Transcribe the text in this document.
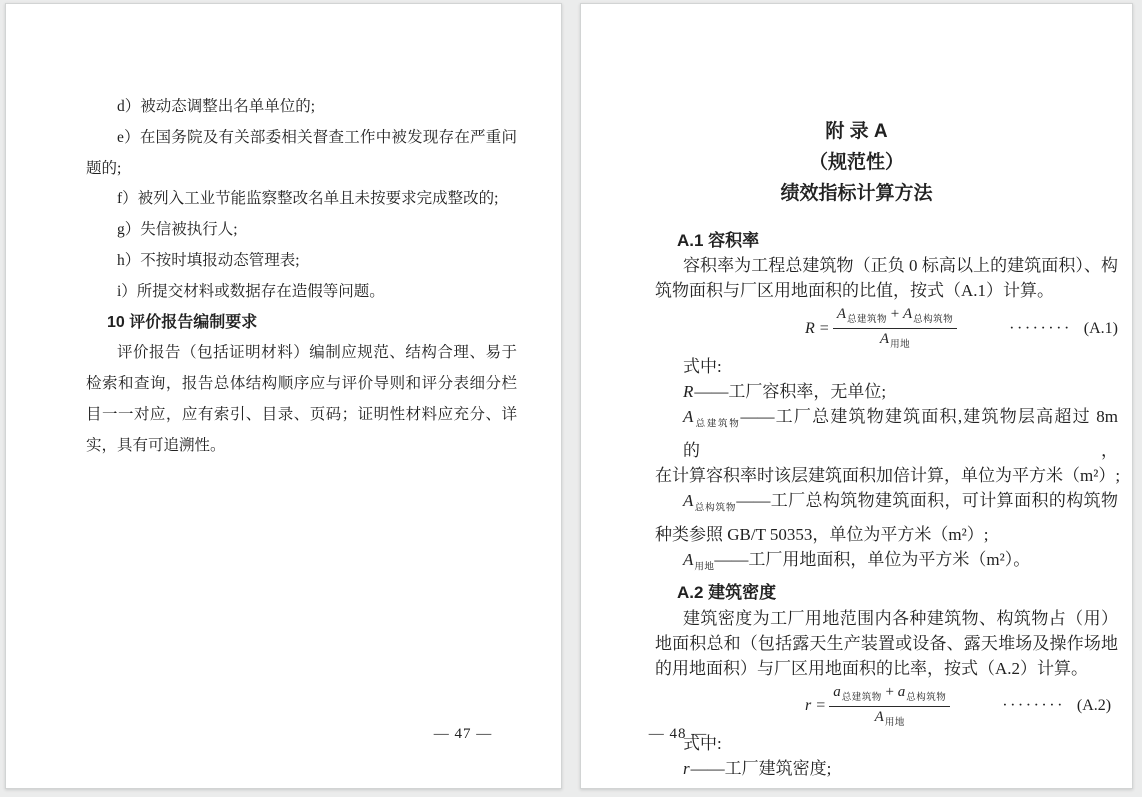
d）被动态调整出名单单位的;
e）在国务院及有关部委相关督查工作中被发现存在严重问
题的;
f）被列入工业节能监察整改名单且未按要求完成整改的;
g）失信被执行人;
h）不按时填报动态管理表;
i）所提交材料或数据存在造假等问题。
10 评价报告编制要求
评价报告（包括证明材料）编制应规范、结构合理、易于
检索和查询，报告总体结构顺序应与评价导则和评分表细分栏
目一一对应，应有索引、目录、页码；证明性材料应充分、详
实，具有可追溯性。
— 47 —
附 录 A
（规范性）
绩效指标计算方法
A.1 容积率
容积率为工程总建筑物（正负 0 标高以上的建筑面积）、构
筑物面积与厂区用地面积的比值，按式（A.1）计算。
$R = \frac{A_{总建筑物} + A_{总构筑物}}{A_{用地}}$	········ (A.1)
式中:
R——工厂容积率，无单位;
$A_{总建筑物}——$工厂总建筑物建筑面积,建筑物层高超过 8m 的，
在计算容积率时该层建筑面积加倍计算，单位为平方米（m²）;
$A_{总构筑物}——$工厂总构筑物建筑面积，可计算面积的构筑物
种类参照 GB/T 50353，单位为平方米（m²）;
$A_{用地}——$工厂用地面积，单位为平方米（m²）。
A.2 建筑密度
建筑密度为工厂用地范围内各种建筑物、构筑物占（用）
地面积总和（包括露天生产装置或设备、露天堆场及操作场地
的用地面积）与厂区用地面积的比率，按式（A.2）计算。
$r = \frac{a_{总建筑物} + a_{总构筑物}}{A_{用地}}$	········ (A.2)
式中:
r——工厂建筑密度;
— 48 —
